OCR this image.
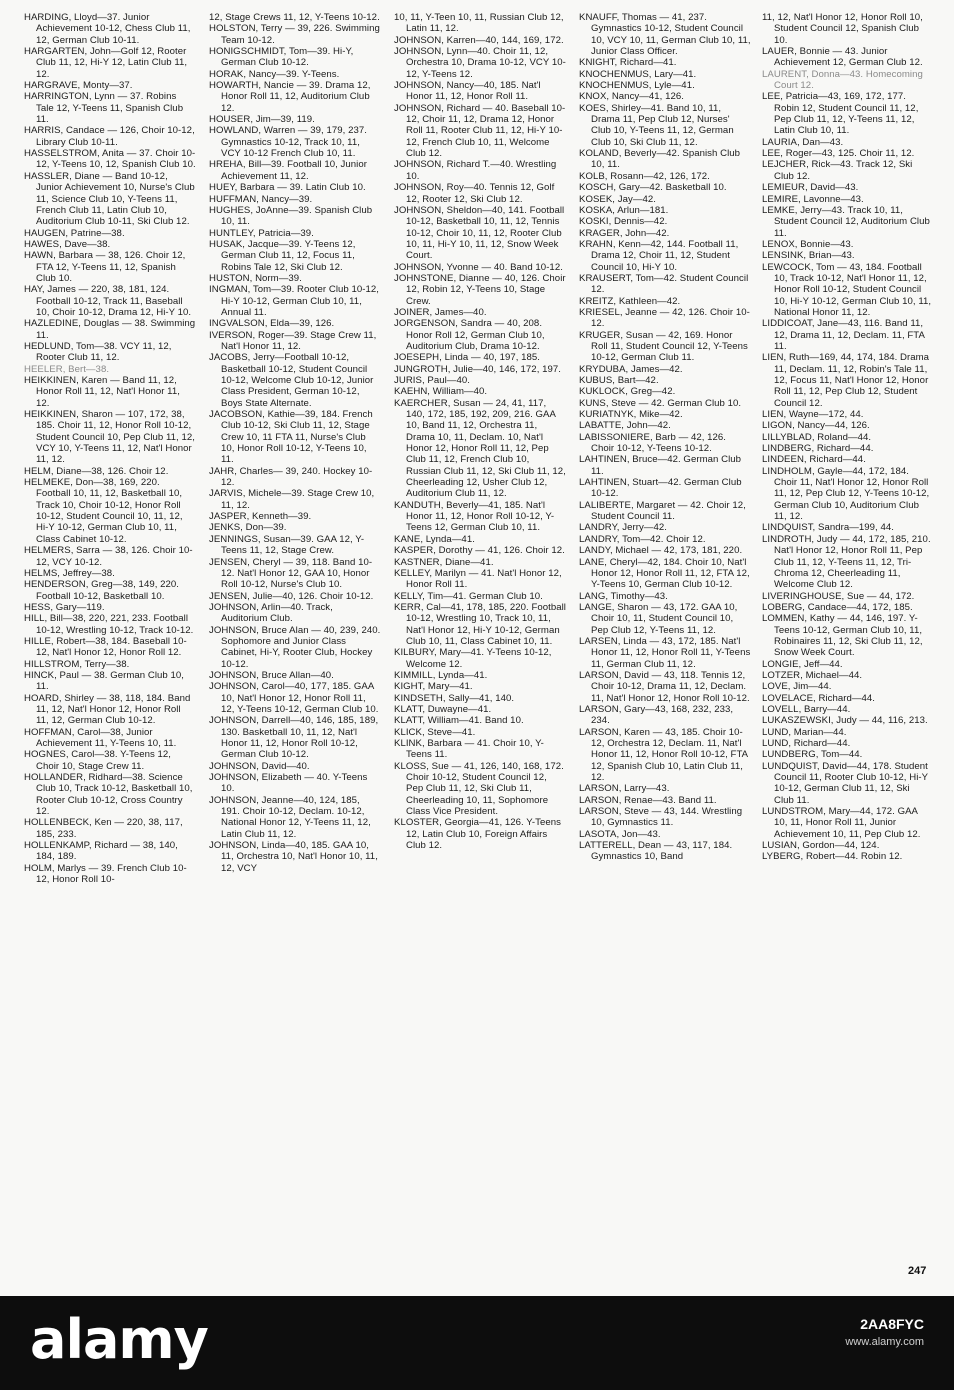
HARDING, Lloyd—37. Junior Achievement 10-12, Chess Club 11, 12, German Club 10-11.

HARGARTEN, John—Golf 12, Rooter Club 11, 12, Hi-Y 12, Latin Club 11, 12.

HARGRAVE, Monty—37.

HARRINGTON, Lynn — 37. Robins Tale 12, Y-Teens 11, Spanish Club 11.

HARRIS, Candace — 126, Choir 10-12, Library Club 10-11.

HASSELSTROM, Anita — 37. Choir 10-12, Y-Teens 10, 12, Spanish Club 10.

HASSLER, Diane — Band 10-12, Junior Achievement 10, Nurse's Club 11, Science Club 10, Y-Teens 11, French Club 11, Latin Club 10, Auditorium Club 10-11, Ski Club 12.

HAUGEN, Patrine—38.

HAWES, Dave—38.

HAWN, Barbara — 38, 126. Choir 12, FTA 12, Y-Teens 11, 12, Spanish Club 10.

HAY, James — 220, 38, 181, 124. Football 10-12, Track 11, Baseball 10, Choir 10-12, Drama 12, Hi-Y 10.

HAZLEDINE, Douglas — 38. Swimming 11.

HEDLUND, Tom—38. VCY 11, 12, Rooter Club 11, 12.

HEELER, Bert—38.

HEIKKINEN, Karen — Band 11, 12, Honor Roll 11, 12, Nat'l Honor 11, 12.

HEIKKINEN, Sharon — 107, 172, 38, 185. Choir 11, 12, Honor Roll 10-12, Student Council 10, Pep Club 11, 12, VCY 10, Y-Teens 11, 12, Nat'l Honor 11, 12.

HELM, Diane—38, 126. Choir 12.

HELMEKE, Don—38, 169, 220. Football 10, 11, 12, Basketball 10, Track 10, Choir 10-12, Honor Roll 10-12, Student Council 10, 11, 12, Hi-Y 10-12, German Club 10, 11, Class Cabinet 10-12.

HELMERS, Sarra — 38, 126. Choir 10-12, VCY 10-12.

HELMS, Jeffrey—38.

HENDERSON, Greg—38, 149, 220. Football 10-12, Basketball 10.

HESS, Gary—119.

HILL, Bill—38, 220, 221, 233. Football 10-12, Wrestling 10-12, Track 10-12.

HILLE, Robert—38, 184. Baseball 10-12, Nat'l Honor 12, Honor Roll 12.

HILLSTROM, Terry—38.

HINCK, Paul — 38. German Club 10, 11.

HOARD, Shirley — 38, 118, 184. Band 11, 12, Nat'l Honor 12, Honor Roll 11, 12, German Club 10-12.

HOFFMAN, Carol—38, Junior Achievement 11, Y-Teens 10, 11.

HOGNES, Carol—38. Y-Teens 12, Choir 10, Stage Crew 11.

HOLLANDER, Ridhard—38. Science Club 10, Track 10-12, Basketball 10, Rooter Club 10-12, Cross Country 12.

HOLLENBECK, Ken — 220, 38, 117, 185, 233.

HOLLENKAMP, Richard — 38, 140, 184, 189.

HOLM, Marlys — 39. French Club 10-12, Honor Roll 10-

12, Stage Crews 11, 12, Y-Teens 10-12.

HOLSTON, Terry — 39, 226. Swimming Team 10-12.

HONIGSCHMIDT, Tom—39. Hi-Y, German Club 10-12.

HORAK, Nancy—39. Y-Teens.

HOWARTH, Nancie — 39. Drama 12, Honor Roll 11, 12, Auditorium Club 12.

HOUSER, Jim—39, 119.

HOWLAND, Warren — 39, 179, 237. Gymnastics 10-12, Track 10, 11, VCY 10-12 French Club 10, 11.

HREHA, Bill—39. Football 10, Junior Achievement 11, 12.

HUEY, Barbara — 39. Latin Club 10.

HUFFMAN, Nancy—39.

HUGHES, JoAnne—39. Spanish Club 10, 11.

HUNTLEY, Patricia—39.

HUSAK, Jacque—39. Y-Teens 12, German Club 11, 12, Focus 11, Robins Tale 12, Ski Club 12.

HUSTON, Norm—39.

INGMAN, Tom—39. Rooter Club 10-12, Hi-Y 10-12, German Club 10, 11, Annual 11.

INGVALSON, Elda—39, 126.

IVERSON, Roger—39. Stage Crew 11, Nat'l Honor 11, 12.

JACOBS, Jerry—Football 10-12, Basketball 10-12, Student Council 10-12, Welcome Club 10-12, Junior Class President, German 10-12, Boys State Alternate.

JACOBSON, Kathie—39, 184. French Club 10-12, Ski Club 11, 12, Stage Crew 10, 11 FTA 11, Nurse's Club 10, Honor Roll 10-12, Y-Teens 10, 11.

JAHR, Charles— 39, 240. Hockey 10-12.

JARVIS, Michele—39. Stage Crew 10, 11, 12.

JASPER, Kenneth—39.

JENKS, Don—39.

JENNINGS, Susan—39. GAA 12, Y-Teens 11, 12, Stage Crew.

JENSEN, Cheryl — 39, 118. Band 10-12. Nat'l Honor 12, GAA 10, Honor Roll 10-12, Nurse's Club 10.

JENSEN, Julie—40, 126. Choir 10-12.

JOHNSON, Arlin—40. Track, Auditorium Club.

JOHNSON, Bruce Alan — 40, 239, 240. Sophomore and Junior Class Cabinet, Hi-Y, Rooter Club, Hockey 10-12.

JOHNSON, Bruce Allan—40.

JOHNSON, Carol—40, 177, 185. GAA 10, Nat'l Honor 12, Honor Roll 11, 12, Y-Teens 10-12, German Club 10.

JOHNSON, Darrell—40, 146, 185, 189, 130. Basketball 10, 11, 12, Nat'l Honor 11, 12, Honor Roll 10-12, German Club 10-12.

JOHNSON, David—40.

JOHNSON, Elizabeth — 40. Y-Teens 10.

JOHNSON, Jeanne—40, 124, 185, 191. Choir 10-12, Declam. 10-12, National Honor 12, Y-Teens 11, 12, Latin Club 11, 12.

JOHNSON, Linda—40, 185. GAA 10, 11, Orchestra 10, Nat'l Honor 10, 11, 12, VCY

10, 11, Y-Teen 10, 11, Russian Club 12, Latin 11, 12.

JOHNSON, Karren—40, 144, 169, 172.

JOHNSON, Lynn—40. Choir 11, 12, Orchestra 10, Drama 10-12, VCY 10-12, Y-Teens 12.

JOHNSON, Nancy—40, 185. Nat'l Honor 11, 12, Honor Roll 11.

JOHNSON, Richard — 40. Baseball 10-12, Choir 11, 12, Drama 12, Honor Roll 11, Rooter Club 11, 12, Hi-Y 10-12, French Club 10, 11, Welcome Club 12.

JOHNSON, Richard T.—40. Wrestling 10.

JOHNSON, Roy—40. Tennis 12, Golf 12, Rooter 12, Ski Club 12.

JOHNSON, Sheldon—40, 141. Football 10-12, Basketball 10, 11, 12, Tennis 10-12, Choir 10, 11, 12, Rooter Club 10, 11, Hi-Y 10, 11, 12, Snow Week Court.

JOHNSON, Yvonne — 40. Band 10-12.

JOHNSTONE, Dianne — 40, 126. Choir 12, Robin 12, Y-Teens 10, Stage Crew.

JOINER, James—40.

JORGENSON, Sandra — 40, 208. Honor Roll 12, German Club 10, Auditorium Club, Drama 10-12.

JOESEPH, Linda — 40, 197, 185.

JUNGROTH, Julie—40, 146, 172, 197.

JURIS, Paul—40.

KAEHN, William—40.

KAERCHER, Susan — 24, 41, 117, 140, 172, 185, 192, 209, 216. GAA 10, Band 11, 12, Orchestra 11, Drama 10, 11, Declam. 10, Nat'l Honor 12, Honor Roll 11, 12, Pep Club 11, 12, French Club 10, Russian Club 11, 12, Ski Club 11, 12, Cheerleading 12, Usher Club 12, Auditorium Club 11, 12.

KANDUTH, Beverly—41, 185. Nat'l Honor 11, 12, Honor Roll 10-12, Y-Teens 12, German Club 10, 11.

KANE, Lynda—41.

KASPER, Dorothy — 41, 126. Choir 12.

KASTNER, Diane—41.

KELLEY, Marilyn — 41. Nat'l Honor 12, Honor Roll 11.

KELLY, Tim—41. German Club 10.

KERR, Cal—41, 178, 185, 220. Football 10-12, Wrestling 10, Track 10, 11, Nat'l Honor 12, Hi-Y 10-12, German Club 10, 11, Class Cabinet 10, 11.

KILBURY, Mary—41. Y-Teens 10-12, Welcome 12.

KIMMILL, Lynda—41.

KIGHT, Mary—41.

KINDSETH, Sally—41, 140.

KLATT, Duwayne—41.

KLATT, William—41. Band 10.

KLICK, Steve—41.

KLINK, Barbara — 41. Choir 10, Y-Teens 11.

KLOSS, Sue — 41, 126, 140, 168, 172. Choir 10-12, Student Council 12, Pep Club 11, 12, Ski Club 11, Cheerleading 10, 11, Sophomore Class Vice President.

KLOSTER, Georgia—41, 126. Y-Teens 12, Latin Club 10, Foreign Affairs Club 12.

KNAUFF, Thomas — 41, 237. Gymnastics 10-12, Student Council 10, VCY 10, 11, German Club 10, 11, Junior Class Officer.

KNIGHT, Richard—41.

KNOCHENMUS, Lary—41.

KNOCHENMUS, Lyle—41.

KNOX, Nancy—41, 126.

KOES, Shirley—41. Band 10, 11, Drama 11, Pep Club 12, Nurses' Club 10, Y-Teens 11, 12, German Club 10, Ski Club 11, 12.

KOLAND, Beverly—42. Spanish Club 10, 11.

KOLB, Rosann—42, 126, 172.

KOSCH, Gary—42. Basketball 10.

KOSEK, Jay—42.

KOSKA, Arlun—181.

KOSKI, Dennis—42.

KRAGER, John—42.

KRAHN, Kenn—42, 144. Football 11, Drama 12, Choir 11, 12, Student Council 10, Hi-Y 10.

KRAUSERT, Tom—42. Student Council 12.

KREITZ, Kathleen—42.

KRIESEL, Jeanne — 42, 126. Choir 10-12.

KRUGER, Susan — 42, 169. Honor Roll 11, Student Council 12, Y-Teens 10-12, German Club 11.

KRYDUBA, James—42.

KUBUS, Bart—42.

KUKLOCK, Greg—42.

KUNS, Steve — 42. German Club 10.

KURIATNYK, Mike—42.

LABATTE, John—42.

LABISSONIERE, Barb — 42, 126. Choir 10-12, Y-Teens 10-12.

LAHTINEN, Bruce—42. German Club 11.

LAHTINEN, Stuart—42. German Club 10-12.

LALIBERTE, Margaret — 42. Choir 12, Student Council 11.

LANDRY, Jerry—42.

LANDRY, Tom—42. Choir 12.

LANDY, Michael — 42, 173, 181, 220.

LANE, Cheryl—42, 184. Choir 10, Nat'l Honor 12, Honor Roll 11, 12, FTA 12, Y-Teens 10, German Club 10-12.

LANG, Timothy—43.

LANGE, Sharon — 43, 172. GAA 10, Choir 10, 11, Student Council 10, Pep Club 12, Y-Teens 11, 12.

LARSEN, Linda — 43, 172, 185. Nat'l Honor 11, 12, Honor Roll 11, Y-Teens 11, German Club 11, 12.

LARSON, David — 43, 118. Tennis 12, Choir 10-12, Drama 11, 12, Declam. 11, Nat'l Honor 12, Honor Roll 10-12.

LARSON, Gary—43, 168, 232, 233, 234.

LARSON, Karen — 43, 185. Choir 10-12, Orchestra 12, Declam. 11, Nat'l Honor 11, 12, Honor Roll 10-12, FTA 12, Spanish Club 10, Latin Club 11, 12.

LARSON, Larry—43.

LARSON, Renae—43. Band 11.

LARSON, Steve — 43, 144. Wrestling 10, Gymnastics 11.

LASOTA, Jon—43.

LATTERELL, Dean — 43, 117, 184. Gymnastics 10, Band

11, 12, Nat'l Honor 12, Honor Roll 10, Student Council 12, Spanish Club 10.

LAUER, Bonnie — 43. Junior Achievement 12, German Club 12.

LAURENT, Donna—43. Homecoming Court 12.

LEE, Patricia—43, 169, 172, 177. Robin 12, Student Council 11, 12, Pep Club 11, 12, Y-Teens 11, 12, Latin Club 10, 11.

LAURIA, Dan—43.

LEE, Roger—43, 125. Choir 11, 12.

LEJCHER, Rick—43. Track 12, Ski Club 12.

LEMIEUR, David—43.

LEMIRE, Lavonne—43.

LEMKE, Jerry—43. Track 10, 11, Student Council 12, Auditorium Club 11.

LENOX, Bonnie—43.

LENSINK, Brian—43.

LEWCOCK, Tom — 43, 184. Football 10, Track 10-12, Nat'l Honor 11, 12, Honor Roll 10-12, Student Council 10, Hi-Y 10-12, German Club 10, 11, National Honor 11, 12.

LIDDICOAT, Jane—43, 116. Band 11, 12, Drama 11, 12, Declam. 11, FTA 11.

LIEN, Ruth—169, 44, 174, 184. Drama 11, Declam. 11, 12, Robin's Tale 11, 12, Focus 11, Nat'l Honor 12, Honor Roll 11, 12, Pep Club 12, Student Council 12.

LIEN, Wayne—172, 44.

LIGON, Nancy—44, 126.

LILLYBLAD, Roland—44.

LINDBERG, Richard—44.

LINDEEN, Richard—44.

LINDHOLM, Gayle—44, 172, 184. Choir 11, Nat'l Honor 12, Honor Roll 11, 12, Pep Club 12, Y-Teens 10-12, German Club 10, Auditorium Club 11, 12.

LINDQUIST, Sandra—199, 44.

LINDROTH, Judy — 44, 172, 185, 210. Nat'l Honor 12, Honor Roll 11, Pep Club 11, 12, Y-Teens 11, 12, Tri-Chroma 12, Cheerleading 11, Welcome Club 12.

LIVERINGHOUSE, Sue — 44, 172.

LOBERG, Candace—44, 172, 185.

LOMMEN, Kathy — 44, 146, 197. Y-Teens 10-12, German Club 10, 11, Robinaires 11, 12, Ski Club 11, 12, Snow Week Court.

LONGIE, Jeff—44.

LOTZER, Michael—44.

LOVE, Jim—44.

LOVELACE, Richard—44.

LOVELL, Barry—44.

LUKASZEWSKI, Judy — 44, 116, 213.

LUND, Marian—44.

LUND, Richard—44.

LUNDBERG, Tom—44.

LUNDQUIST, David—44, 178. Student Council 11, Rooter Club 10-12, Hi-Y 10-12, German Club 11, 12, Ski Club 11.

LUNDSTROM, Mary—44, 172. GAA 10, 11, Honor Roll 11, Junior Achievement 10, 11, Pep Club 12.

LUSIAN, Gordon—44, 124.

LYBERG, Robert—44. Robin 12.

247
alamy	2AA8FYC
www.alamy.com
